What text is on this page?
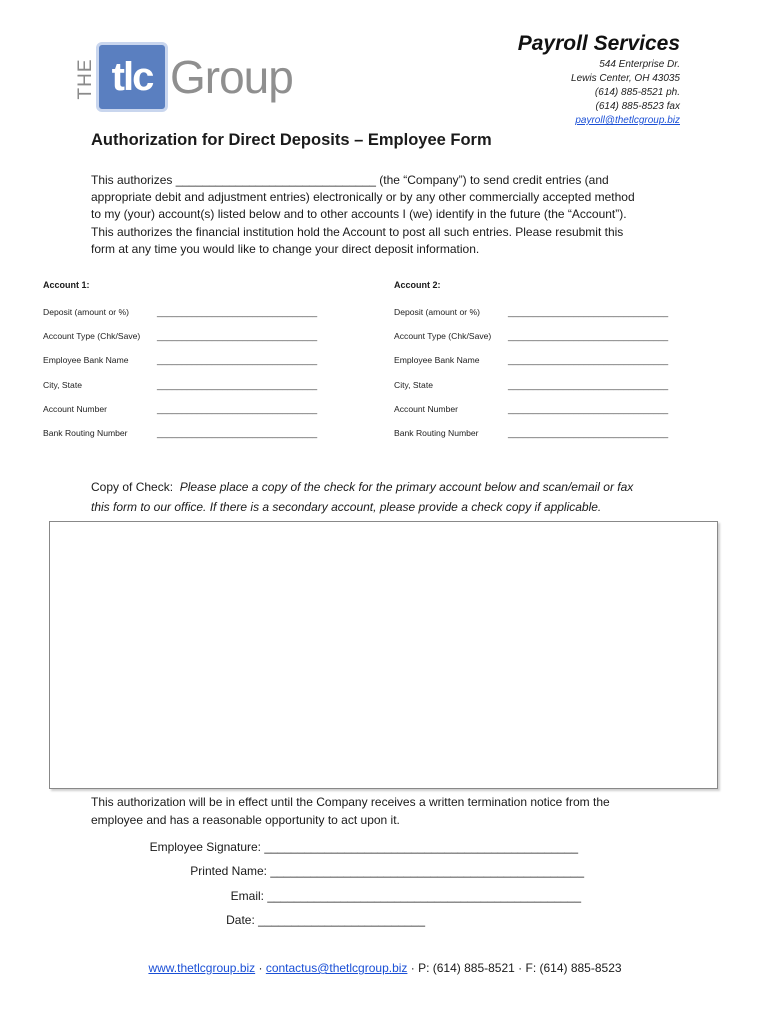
THE tlc Group
Payroll Services
544 Enterprise Dr.
Lewis Center, OH 43035
(614) 885-8521 ph.
(614) 885-8523 fax
payroll@thetlcgroup.biz
Authorization for Direct Deposits – Employee Form
This authorizes ______________________________ (the “Company”) to send credit entries (and
appropriate debit and adjustment entries) electronically or by any other commercially accepted method
to my (your) account(s) listed below and to other accounts I (we) identify in the future (the “Account”).
This authorizes the financial institution hold the Account to post all such entries. Please resubmit this
form at any time you would like to change your direct deposit information.
Account 1:	Account 2:
Deposit (amount or %)	________________________________
Account Type (Chk/Save) ________________________________
Employee Bank Name	________________________________
City, State	________________________________
Account Number	________________________________
Bank Routing Number	________________________________
Deposit (amount or %)	________________________________
Account Type (Chk/Save) ________________________________
Employee Bank Name	________________________________
City, State	________________________________
Account Number	________________________________
Bank Routing Number	________________________________
Copy of Check: Please place a copy of the check for the primary account below and scan/email or fax
this form to our office. If there is a secondary account, please provide a check copy if applicable.
This authorization will be in effect until the Company receives a written termination notice from the
employee and has a reasonable opportunity to act upon it.
Employee Signature: _______________________________________________
Printed Name: _______________________________________________
Email: _______________________________________________
Date: _________________________
www.thetlcgroup.biz · contactus@thetlcgroup.biz · P: (614) 885-8521 · F: (614) 885-8523
